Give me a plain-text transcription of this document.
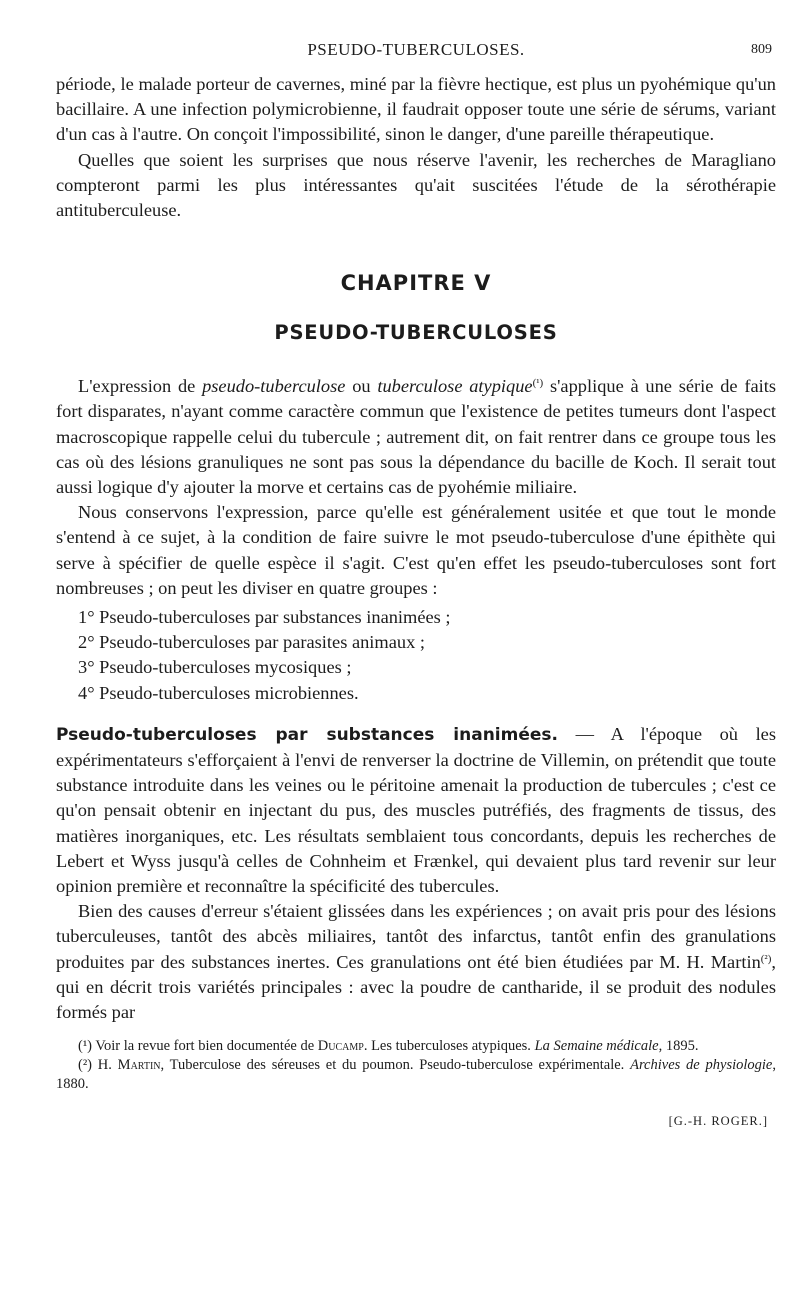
PSEUDO-TUBERCULOSES.	809

période, le malade porteur de cavernes, miné par la fièvre hectique, est plus un pyohémique qu'un bacillaire. A une infection polymicrobienne, il faudrait opposer toute une série de sérums, variant d'un cas à l'autre. On conçoit l'impossibilité, sinon le danger, d'une pareille thérapeutique.

Quelles que soient les surprises que nous réserve l'avenir, les recherches de Maragliano compteront parmi les plus intéressantes qu'ait suscitées l'étude de la sérothérapie antituberculeuse.

CHAPITRE V
PSEUDO-TUBERCULOSES

L'expression de pseudo-tuberculose ou tuberculose atypique$^{(^1)}$ s'applique à une série de faits fort disparates, n'ayant comme caractère commun que l'existence de petites tumeurs dont l'aspect macroscopique rappelle celui du tubercule ; autrement dit, on fait rentrer dans ce groupe tous les cas où des lésions granuliques ne sont pas sous la dépendance du bacille de Koch. Il serait tout aussi logique d'y ajouter la morve et certains cas de pyohémie miliaire.

Nous conservons l'expression, parce qu'elle est généralement usitée et que tout le monde s'entend à ce sujet, à la condition de faire suivre le mot pseudo-tuberculose d'une épithète qui serve à spécifier de quelle espèce il s'agit. C'est qu'en effet les pseudo-tuberculoses sont fort nombreuses ; on peut les diviser en quatre groupes :

1° Pseudo-tuberculoses par substances inanimées ;
2° Pseudo-tuberculoses par parasites animaux ;
3° Pseudo-tuberculoses mycosiques ;
4° Pseudo-tuberculoses microbiennes.

Pseudo-tuberculoses par substances inanimées. — A l'époque où les expérimentateurs s'efforçaient à l'envi de renverser la doctrine de Villemin, on prétendit que toute substance introduite dans les veines ou le péritoine amenait la production de tubercules ; c'est ce qu'on pensait obtenir en injectant du pus, des muscles putréfiés, des fragments de tissus, des matières inorganiques, etc. Les résultats semblaient tous concordants, depuis les recherches de Lebert et Wyss jusqu'à celles de Cohnheim et Frænkel, qui devaient plus tard revenir sur leur opinion première et reconnaître la spécificité des tubercules.

Bien des causes d'erreur s'étaient glissées dans les expériences ; on avait pris pour des lésions tuberculeuses, tantôt des abcès miliaires, tantôt des infarctus, tantôt enfin des granulations produites par des substances inertes. Ces granulations ont été bien étudiées par M. H. Martin$^{(^2)}$, qui en décrit trois variétés principales : avec la poudre de cantharide, il se produit des nodules formés par

(¹) Voir la revue fort bien documentée de Ducamp. Les tuberculoses atypiques. La Semaine médicale, 1895.
(²) H. Martin, Tuberculose des séreuses et du poumon. Pseudo-tuberculose expérimentale. Archives de physiologie, 1880.
[G.-H. ROGER.]
